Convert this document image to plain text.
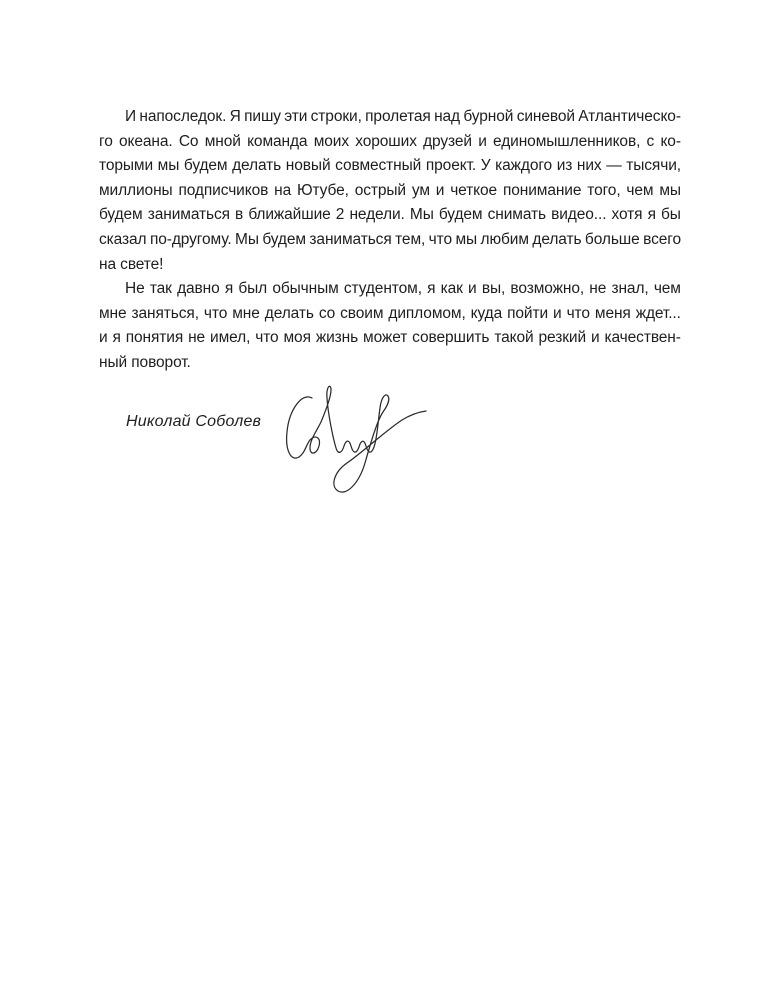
И напоследок. Я пишу эти строки, пролетая над бурной синевой Атлантическо-
го океана. Со мной команда моих хороших друзей и единомышленников, с ко-
торыми мы будем делать новый совместный проект. У каждого из них — тысячи,
миллионы подписчиков на Ютубе, острый ум и четкое понимание того, чем мы
будем заниматься в ближайшие 2 недели. Мы будем снимать видео... хотя я бы
сказал по-другому. Мы будем заниматься тем, что мы любим делать больше всего
на свете!
Не так давно я был обычным студентом, я как и вы, возможно, не знал, чем
мне заняться, что мне делать со своим дипломом, куда пойти и что меня ждет...
и я понятия не имел, что моя жизнь может совершить такой резкий и качествен-
ный поворот.
Николай Соболев
